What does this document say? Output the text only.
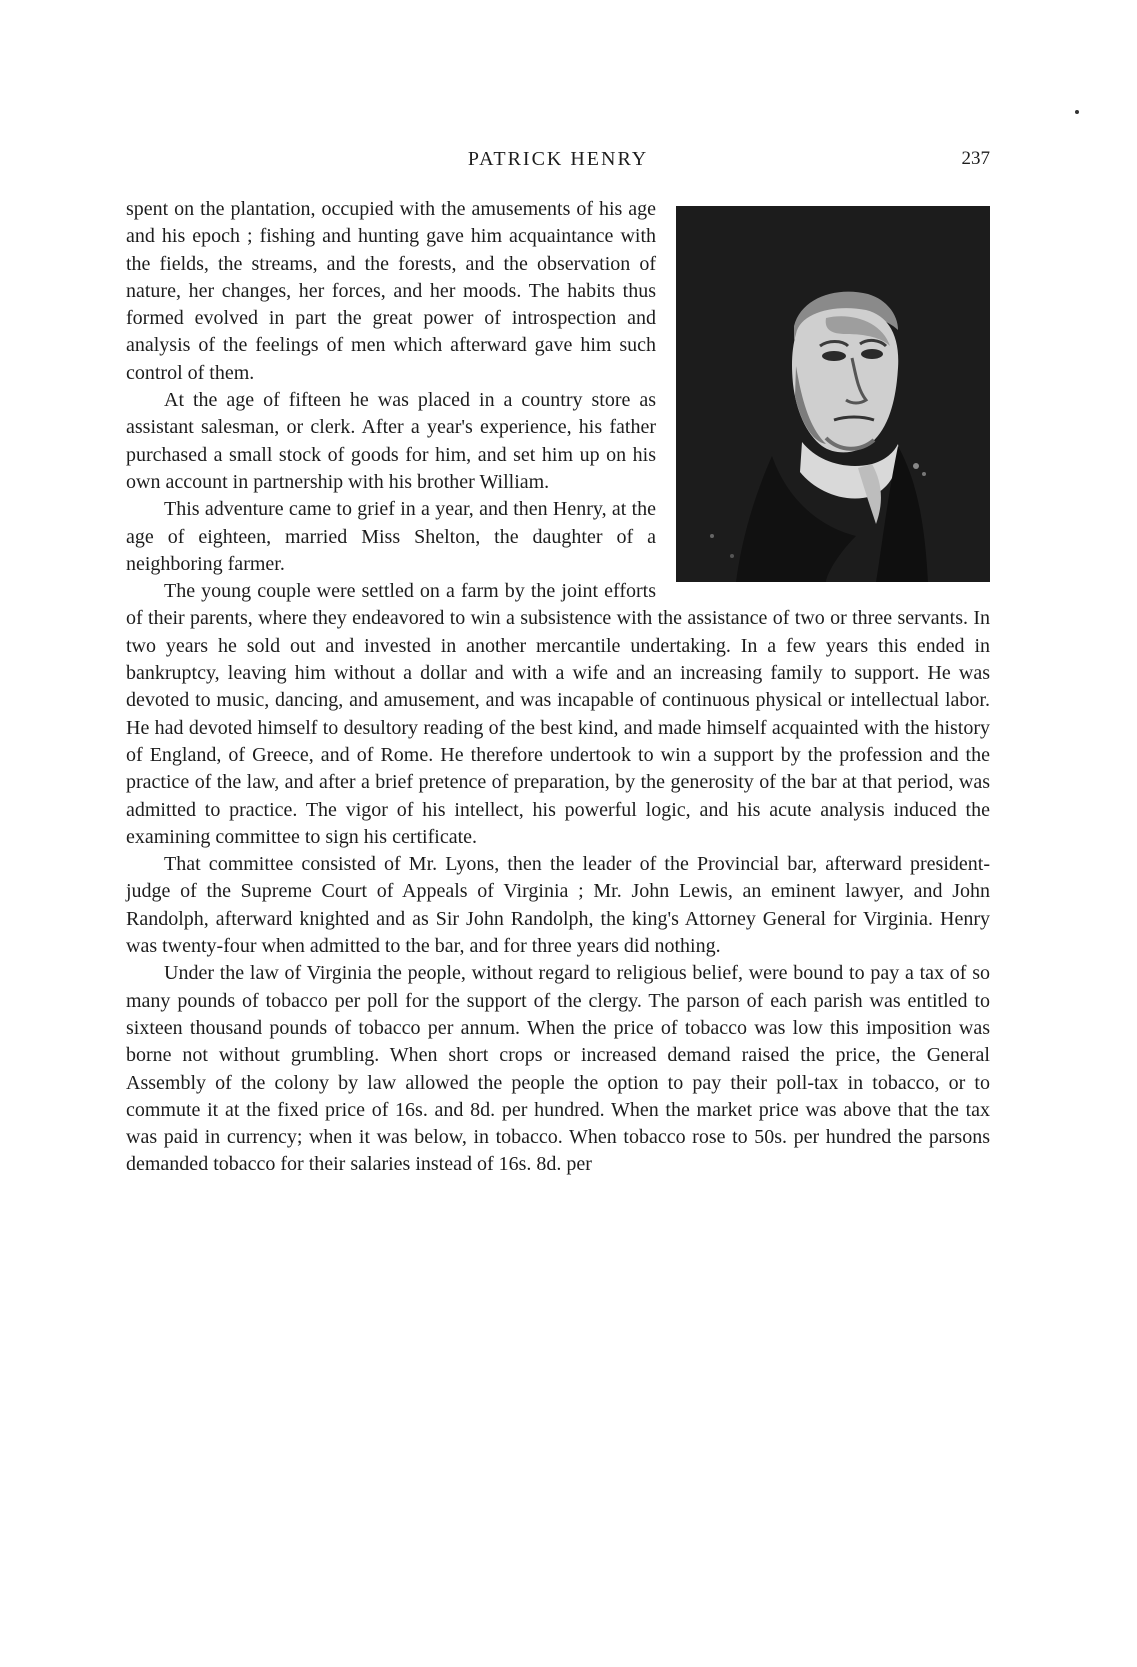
PATRICK HENRY	237

spent on the plantation, occupied with the amusements of his age and his epoch ; fishing and hunting gave him acquaintance with the fields, the streams, and the forests, and the observation of nature, her changes, her forces, and her moods. The habits thus formed evolved in part the great power of introspection and analysis of the feelings of men which afterward gave him such control of them.

At the age of fifteen he was placed in a country store as assistant salesman, or clerk. After a year's experience, his father purchased a small stock of goods for him, and set him up on his own account in partnership with his brother William.

This adventure came to grief in a year, and then Henry, at the age of eighteen, married Miss Shelton, the daughter of a neighboring farmer.

The young couple were settled on a farm by the joint efforts of their parents, where they endeavored to win a subsistence with the assistance of two or three servants. In two years he sold out and invested in another mercantile undertaking. In a few years this ended in bankruptcy, leaving him without a dollar and with a wife and an increasing family to support. He was devoted to music, dancing, and amusement, and was incapable of continuous physical or intellectual labor. He had devoted himself to desultory reading of the best kind, and made himself acquainted with the history of England, of Greece, and of Rome. He therefore undertook to win a support by the profession and the practice of the law, and after a brief pretence of preparation, by the generosity of the bar at that period, was admitted to practice. The vigor of his intellect, his powerful logic, and his acute analysis induced the examining committee to sign his certificate.

That committee consisted of Mr. Lyons, then the leader of the Provincial bar, afterward president-judge of the Supreme Court of Appeals of Virginia ; Mr. John Lewis, an eminent lawyer, and John Randolph, afterward knighted and as Sir John Randolph, the king's Attorney General for Virginia. Henry was twenty-four when admitted to the bar, and for three years did nothing.

Under the law of Virginia the people, without regard to religious belief, were bound to pay a tax of so many pounds of tobacco per poll for the support of the clergy. The parson of each parish was entitled to sixteen thousand pounds of tobacco per annum. When the price of tobacco was low this imposition was borne not without grumbling. When short crops or increased demand raised the price, the General Assembly of the colony by law allowed the people the option to pay their poll-tax in tobacco, or to commute it at the fixed price of 16s. and 8d. per hundred. When the market price was above that the tax was paid in currency; when it was below, in tobacco. When tobacco rose to 50s. per hundred the parsons demanded tobacco for their salaries instead of 16s. 8d. per
